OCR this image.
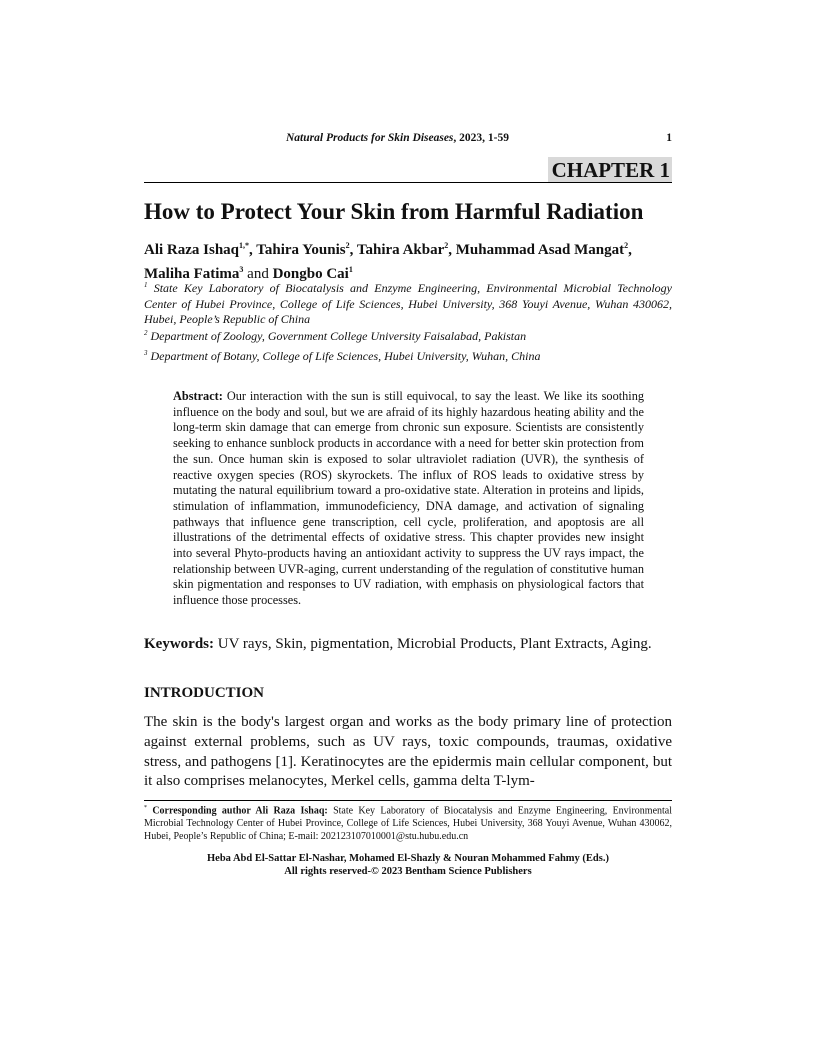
Natural Products for Skin Diseases, 2023, 1-59	1
CHAPTER 1
How to Protect Your Skin from Harmful Radiation
Ali Raza Ishaq$^{1,*}$, Tahira Younis$^2$, Tahira Akbar$^2$, Muhammad Asad Mangat$^2$,
Maliha Fatima$^3$ and Dongbo Cai$^1$
$^1$ State Key Laboratory of Biocatalysis and Enzyme Engineering, Environmental Microbial Technology Center of Hubei Province, College of Life Sciences, Hubei University, 368 Youyi Avenue, Wuhan 430062, Hubei, People’s Republic of China
$^2$ Department of Zoology, Government College University Faisalabad, Pakistan
$^3$ Department of Botany, College of Life Sciences, Hubei University, Wuhan, China
Abstract: Our interaction with the sun is still equivocal, to say the least. We like its soothing influence on the body and soul, but we are afraid of its highly hazardous heating ability and the long-term skin damage that can emerge from chronic sun exposure. Scientists are consistently seeking to enhance sunblock products in accordance with a need for better skin protection from the sun. Once human skin is exposed to solar ultraviolet radiation (UVR), the synthesis of reactive oxygen species (ROS) skyrockets. The influx of ROS leads to oxidative stress by mutating the natural equilibrium toward a pro-oxidative state. Alteration in proteins and lipids, stimulation of inflammation, immunodeficiency, DNA damage, and activation of signaling pathways that influence gene transcription, cell cycle, proliferation, and apoptosis are all illustrations of the detrimental effects of oxidative stress. This chapter provides new insight into several Phyto-products having an antioxidant activity to suppress the UV rays impact, the relationship between UVR-aging, current understanding of the regulation of constitutive human skin pigmentation and responses to UV radiation, with emphasis on physiological factors that influence those processes.
Keywords: UV rays, Skin, pigmentation, Microbial Products, Plant Extracts, Aging.
INTRODUCTION
The skin is the body's largest organ and works as the body primary line of protection against external problems, such as UV rays, toxic compounds, traumas, oxidative stress, and pathogens [1]. Keratinocytes are the epidermis main cellular component, but it also comprises melanocytes, Merkel cells, gamma delta T-lym-
* Corresponding author Ali Raza Ishaq: State Key Laboratory of Biocatalysis and Enzyme Engineering, Environmental Microbial Technology Center of Hubei Province, College of Life Sciences, Hubei University, 368 Youyi Avenue, Wuhan 430062, Hubei, People’s Republic of China; E-mail: 202123107010001@stu.hubu.edu.cn
Heba Abd El-Sattar El-Nashar, Mohamed El-Shazly & Nouran Mohammed Fahmy (Eds.)
All rights reserved-© 2023 Bentham Science Publishers
